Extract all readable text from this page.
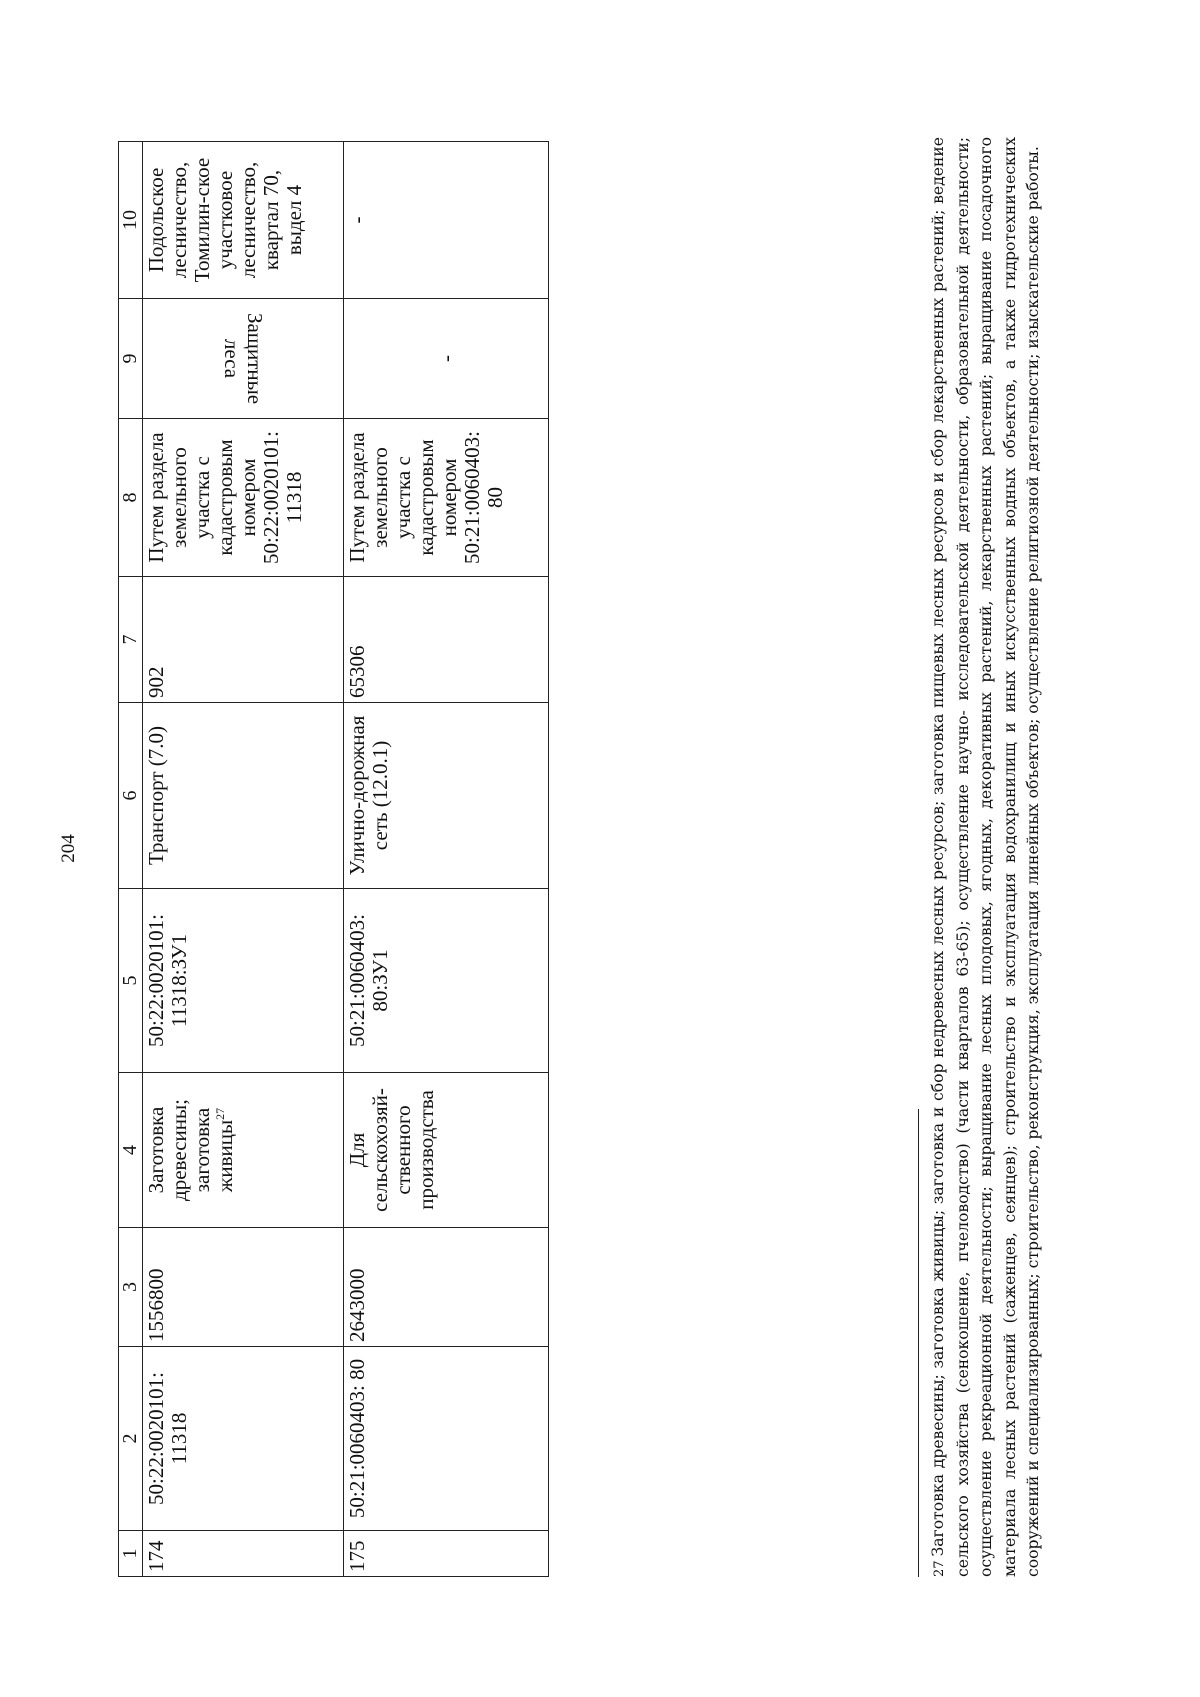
204
1	2	3	4	5	6	7	8	9	10
174	50:22:0020101: 11318	1556800	Заготовка древесины; заготовка живицы$^{27}$	50:22:0020101: 11318:ЗУ1	Транспорт (7.0)	902	Путем раздела земельного участка с кадастровым номером 50:22:0020101: 11318	Защитные леса	Подольское лесничество, Томилин-ское участковое лесничество, квартал 70, выдел 4
175	50:21:0060403: 80	2643000	Для сельскохозяй-ственного производства	50:21:0060403: 80:ЗУ1	Улично-дорожная сеть (12.0.1)	65306	Путем раздела земельного участка с кадастровым номером 50:21:0060403: 80	-	-
27Заготовка древесины; заготовка живицы; заготовка и сбор недревесных лесных ресурсов; заготовка пищевых лесных ресурсов и сбор лекарственных растений; ведение сельского хозяйства (сенокошение, пчеловодство) (части кварталов 63-65); осуществление научно- исследовательской деятельности, образовательной деятельности; осуществление рекреационной деятельности; выращивание лесных плодовых, ягодных, декоративных растений, лекарственных растений; выращивание посадочного материала лесных растений (саженцев, сеянцев); строительство и эксплуатация водохранилищ и иных искусственных водных объектов, а также гидротехнических сооружений и специализированных; строительство, реконструкция, эксплуатация линейных объектов; осуществление религиозной деятельности; изыскательские работы.
